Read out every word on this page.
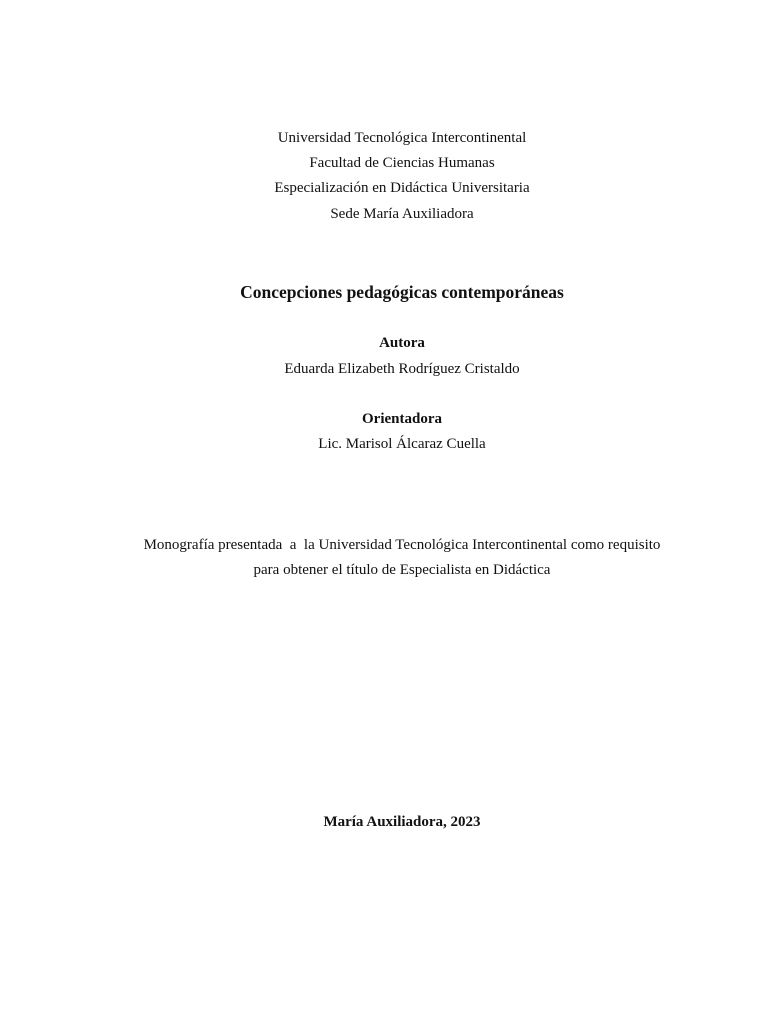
Universidad Tecnológica Intercontinental
Facultad de Ciencias Humanas
Especialización en Didáctica Universitaria
Sede María Auxiliadora
Concepciones pedagógicas contemporáneas
Autora
Eduarda Elizabeth Rodríguez Cristaldo
Orientadora
Lic. Marisol Álcaraz Cuella
Monografía presentada  a  la Universidad Tecnológica Intercontinental como requisito
para obtener el título de Especialista en Didáctica
María Auxiliadora, 2023
